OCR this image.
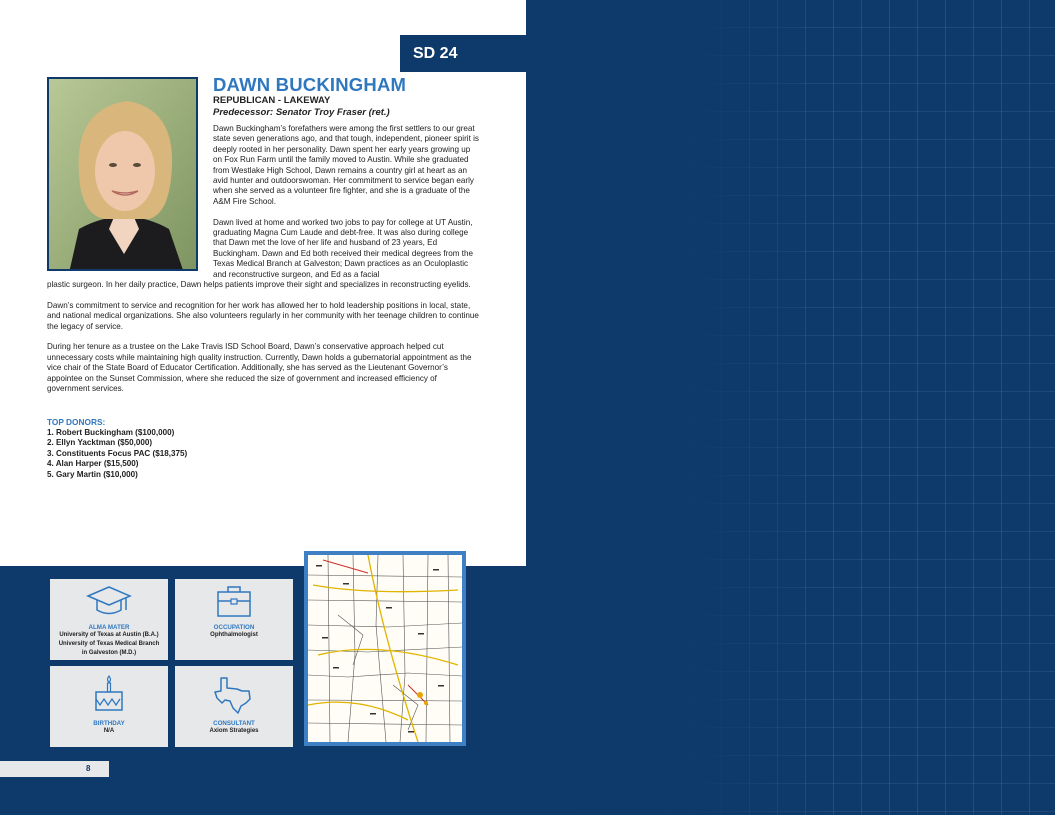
SD 24
DAWN BUCKINGHAM
REPUBLICAN - LAKEWAY
Predecessor: Senator Troy Fraser (ret.)

Dawn Buckingham’s forefathers were among the first settlers to our great state seven generations ago, and that tough, independent, pioneer spirit is deeply rooted in her personality. Dawn spent her early years growing up on Fox Run Farm until the family moved to Austin. While she graduated from Westlake High School, Dawn remains a country girl at heart as an avid hunter and outdoorswoman. Her commitment to service began early when she served as a volunteer fire fighter, and she is a graduate of the A&M Fire School.

Dawn lived at home and worked two jobs to pay for college at UT Austin, graduating Magna Cum Laude and debt-free. It was also during college that Dawn met the love of her life and husband of 23 years, Ed Buckingham. Dawn and Ed both received their medical degrees from the Texas Medical Branch at Galveston; Dawn practices as an Oculoplastic and reconstructive surgeon, and Ed as a facial

plastic surgeon. In her daily practice, Dawn helps patients improve their sight and specializes in reconstructing eyelids.

Dawn’s commitment to service and recognition for her work has allowed her to hold leadership positions in local, state, and national medical organizations. She also volunteers regularly in her community with her teenage children to continue the legacy of service.

During her tenure as a trustee on the Lake Travis ISD School Board, Dawn’s conservative approach helped cut unnecessary costs while maintaining high quality instruction. Currently, Dawn holds a gubernatorial appointment as the vice chair of the State Board of Educator Certification. Additionally, she has served as the Lieutenant Governor’s appointee on the Sunset Commission, where she reduced the size of government and increased efficiency of government services.

TOP DONORS:
1. Robert Buckingham ($100,000)
2. Ellyn Yacktman ($50,000)
3. Constituents Focus PAC ($18,375)
4. Alan Harper ($15,500)
5. Gary Martin ($10,000)
ALMA MATER
University of Texas at Austin (B.A.)
University of Texas Medical Branch
in Galveston (M.D.)
OCCUPATION
Ophthalmologist
BIRTHDAY
N/A
CONSULTANT
Axiom Strategies
8
